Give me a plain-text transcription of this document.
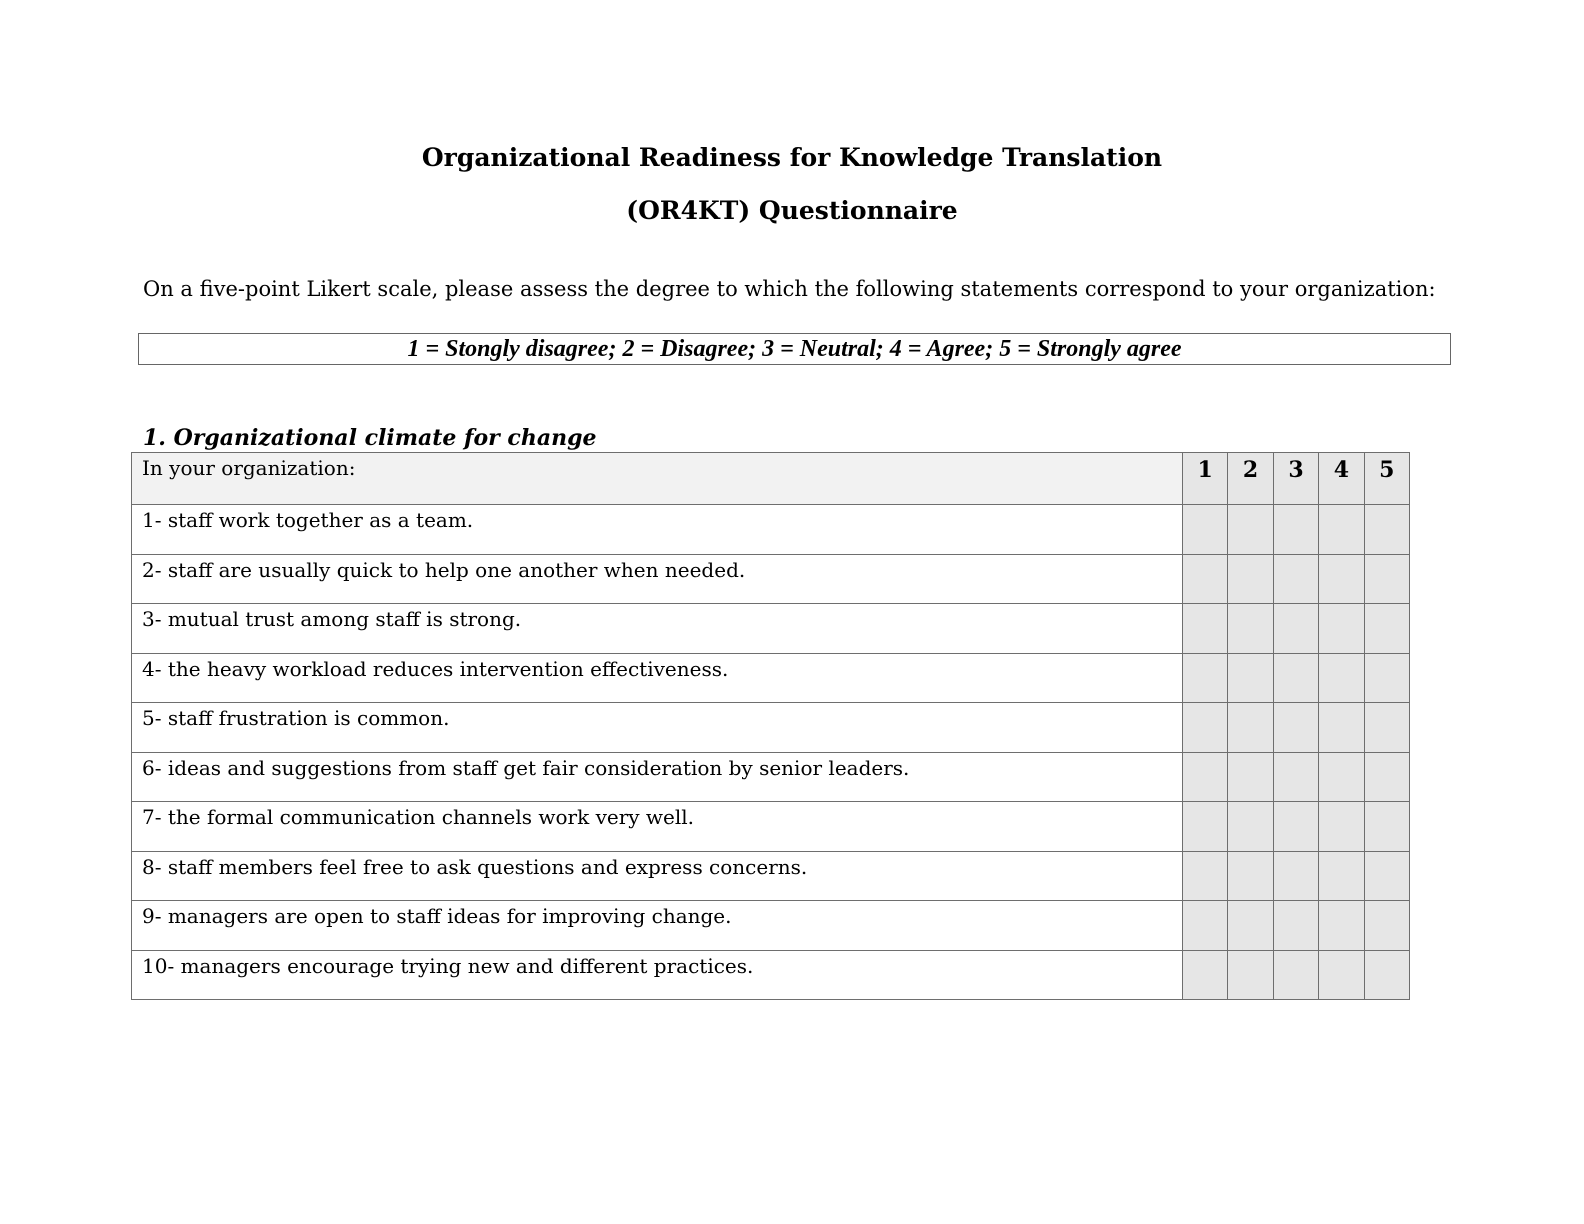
Organizational Readiness for Knowledge Translation
(OR4KT) Questionnaire
On a five-point Likert scale, please assess the degree to which the following statements correspond to your organization:
1 = Stongly disagree; 2 = Disagree; 3 = Neutral; 4 = Agree; 5 = Strongly agree
1. Organizational climate for change
In your organization:	1	2	3	4	5
1- staff work together as a team.					
2- staff are usually quick to help one another when needed.					
3- mutual trust among staff is strong.					
4- the heavy workload reduces intervention effectiveness.					
5- staff frustration is common.					
6- ideas and suggestions from staff get fair consideration by senior leaders.					
7- the formal communication channels work very well.					
8- staff members feel free to ask questions and express concerns.					
9- managers are open to staff ideas for improving change.					
10- managers encourage trying new and different practices.					
